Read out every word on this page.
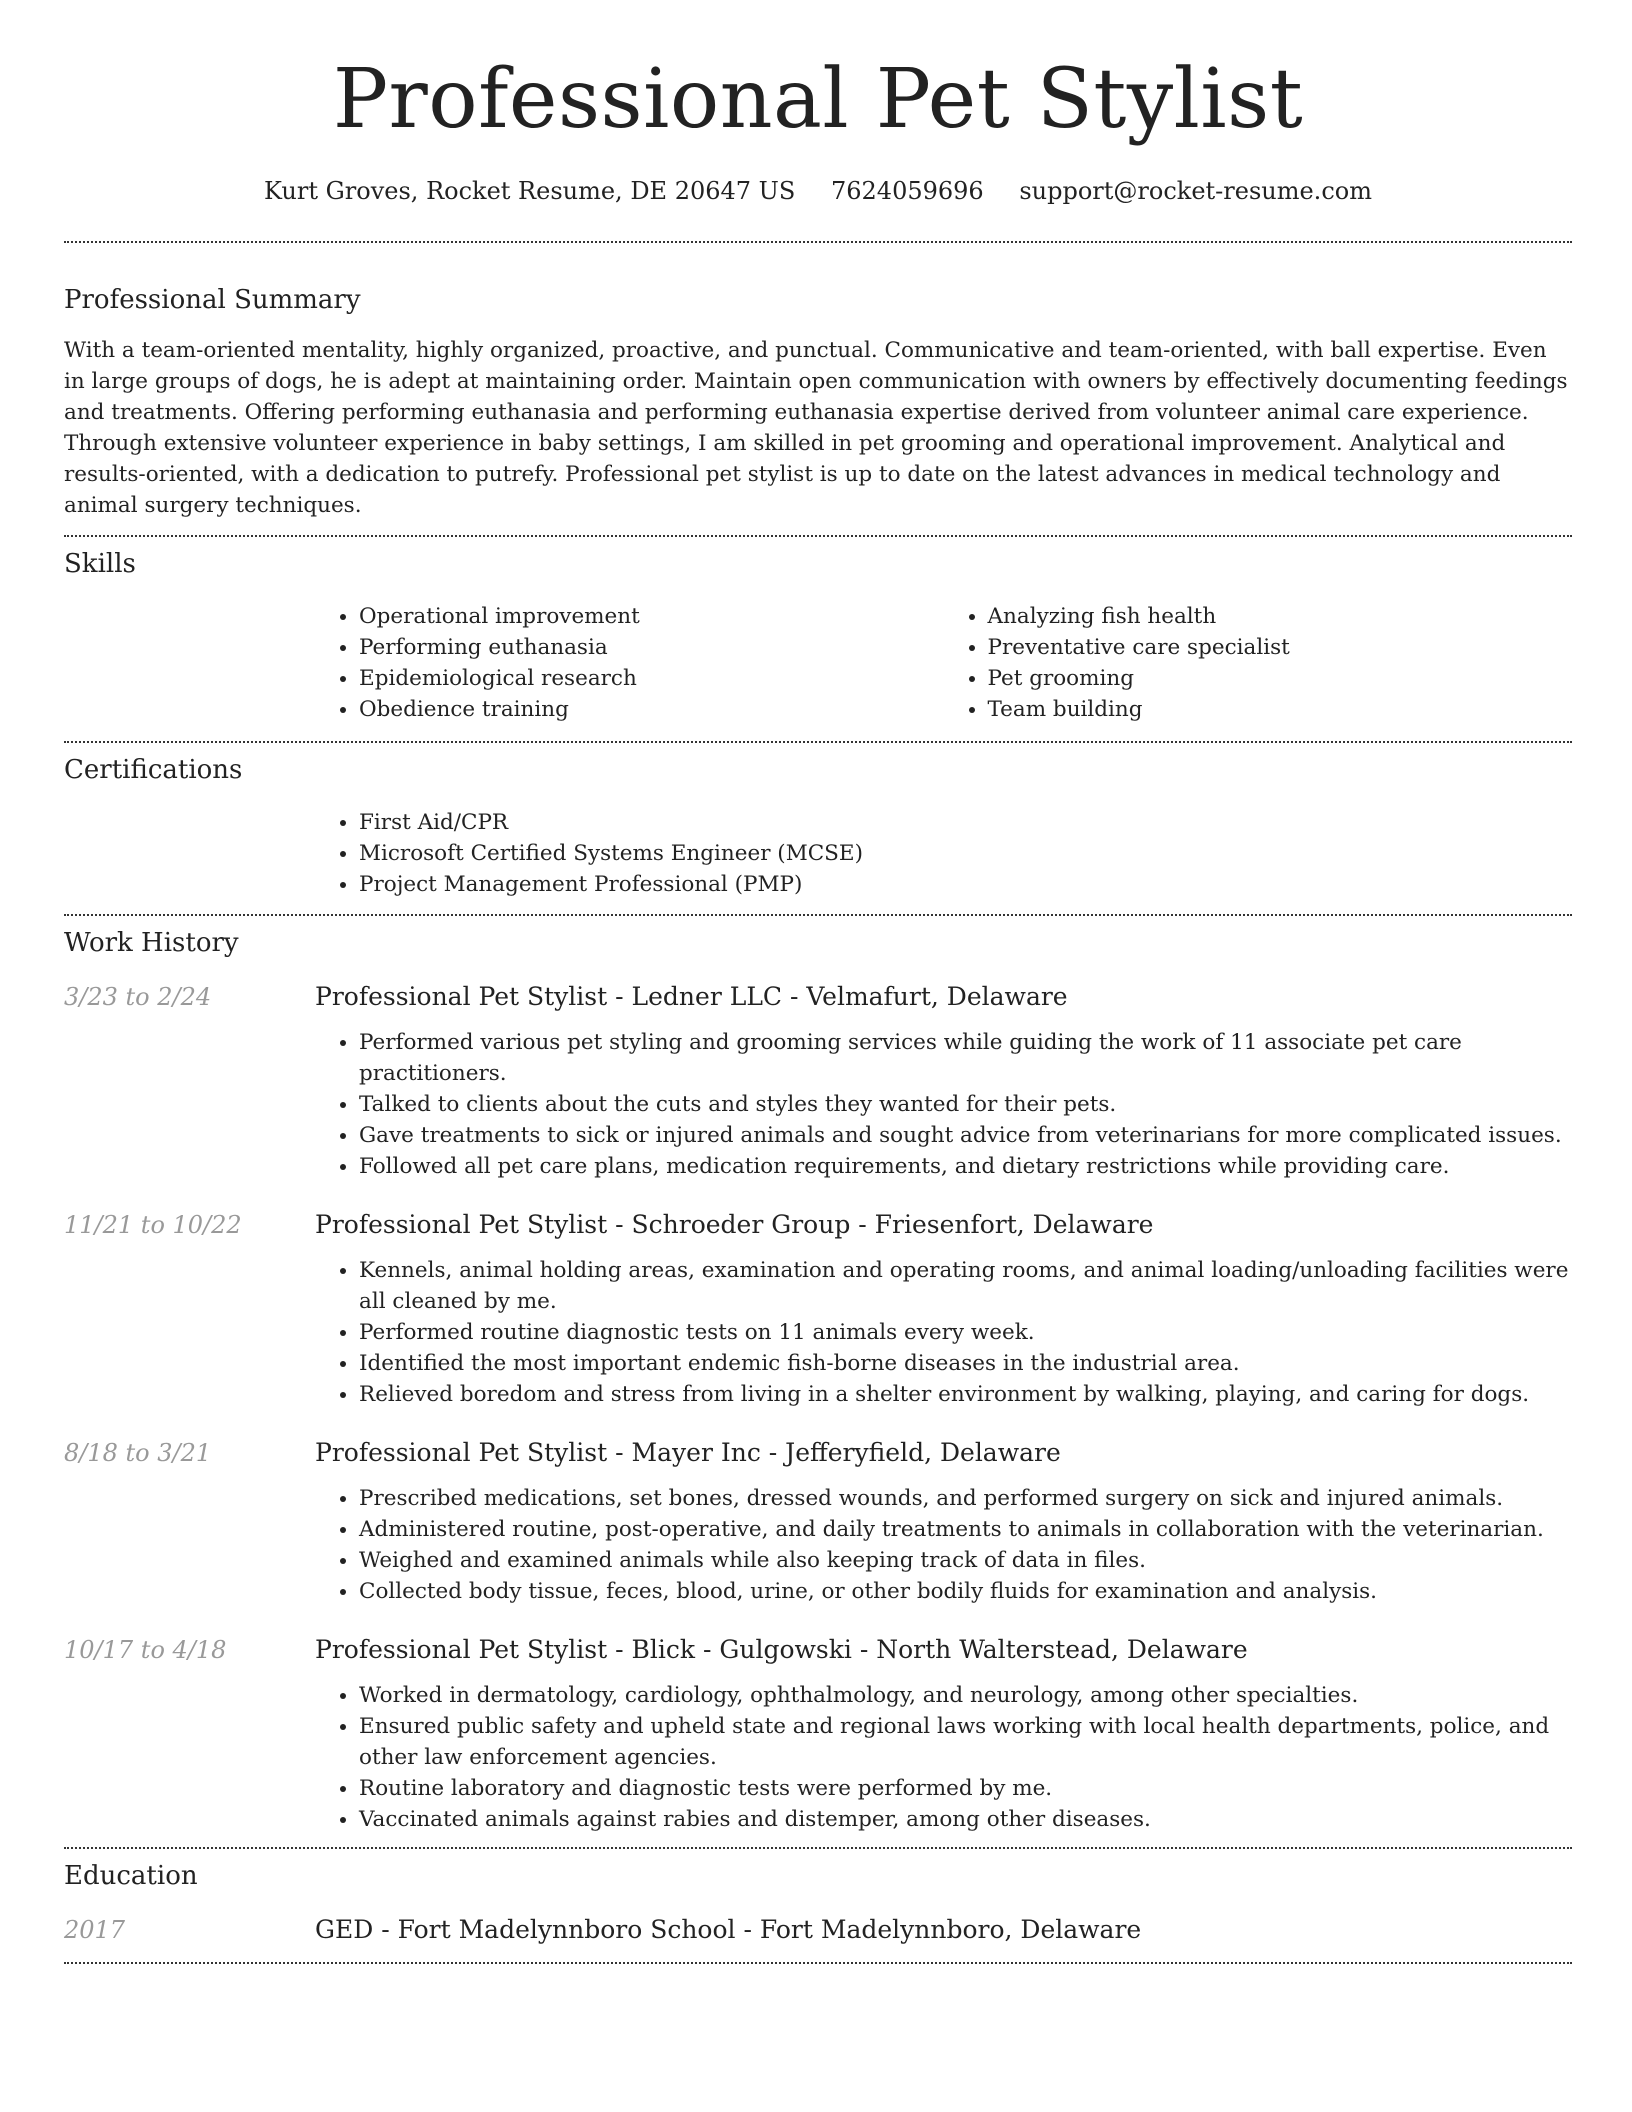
Professional Pet Stylist
Kurt Groves, Rocket Resume, DE 20647 US 7624059696 support@rocket-resume.com
Professional Summary

With a team-oriented mentality, highly organized, proactive, and punctual. Communicative and team-oriented, with ball expertise. Even in large groups of dogs, he is adept at maintaining order. Maintain open communication with owners by effectively documenting feedings and treatments. Offering performing euthanasia and performing euthanasia expertise derived from volunteer animal care experience. Through extensive volunteer experience in baby settings, I am skilled in pet grooming and operational improvement. Analytical and results-oriented, with a dedication to putrefy. Professional pet stylist is up to date on the latest advances in medical technology and animal surgery techniques.

Skills
• Operational improvement
• Performing euthanasia
• Epidemiological research
• Obedience training
• Analyzing fish health
• Preventative care specialist
• Pet grooming
• Team building
Certifications
• First Aid/CPR
• Microsoft Certified Systems Engineer (MCSE)
• Project Management Professional (PMP)
Work History
3/23 to 2/24	Professional Pet Stylist - Ledner LLC - Velmafurt, Delaware
• Performed various pet styling and grooming services while guiding the work of 11 associate pet care practitioners.
• Talked to clients about the cuts and styles they wanted for their pets.
• Gave treatments to sick or injured animals and sought advice from veterinarians for more complicated issues.
• Followed all pet care plans, medication requirements, and dietary restrictions while providing care.
11/21 to 10/22	Professional Pet Stylist - Schroeder Group - Friesenfort, Delaware
• Kennels, animal holding areas, examination and operating rooms, and animal loading/unloading facilities were all cleaned by me.
• Performed routine diagnostic tests on 11 animals every week.
• Identified the most important endemic fish-borne diseases in the industrial area.
• Relieved boredom and stress from living in a shelter environment by walking, playing, and caring for dogs.
8/18 to 3/21	Professional Pet Stylist - Mayer Inc - Jefferyfield, Delaware
• Prescribed medications, set bones, dressed wounds, and performed surgery on sick and injured animals.
• Administered routine, post-operative, and daily treatments to animals in collaboration with the veterinarian.
• Weighed and examined animals while also keeping track of data in files.
• Collected body tissue, feces, blood, urine, or other bodily fluids for examination and analysis.
10/17 to 4/18	Professional Pet Stylist - Blick - Gulgowski - North Walterstead, Delaware
• Worked in dermatology, cardiology, ophthalmology, and neurology, among other specialties.
• Ensured public safety and upheld state and regional laws working with local health departments, police, and other law enforcement agencies.
• Routine laboratory and diagnostic tests were performed by me.
• Vaccinated animals against rabies and distemper, among other diseases.
Education
2017	GED - Fort Madelynnboro School - Fort Madelynnboro, Delaware
